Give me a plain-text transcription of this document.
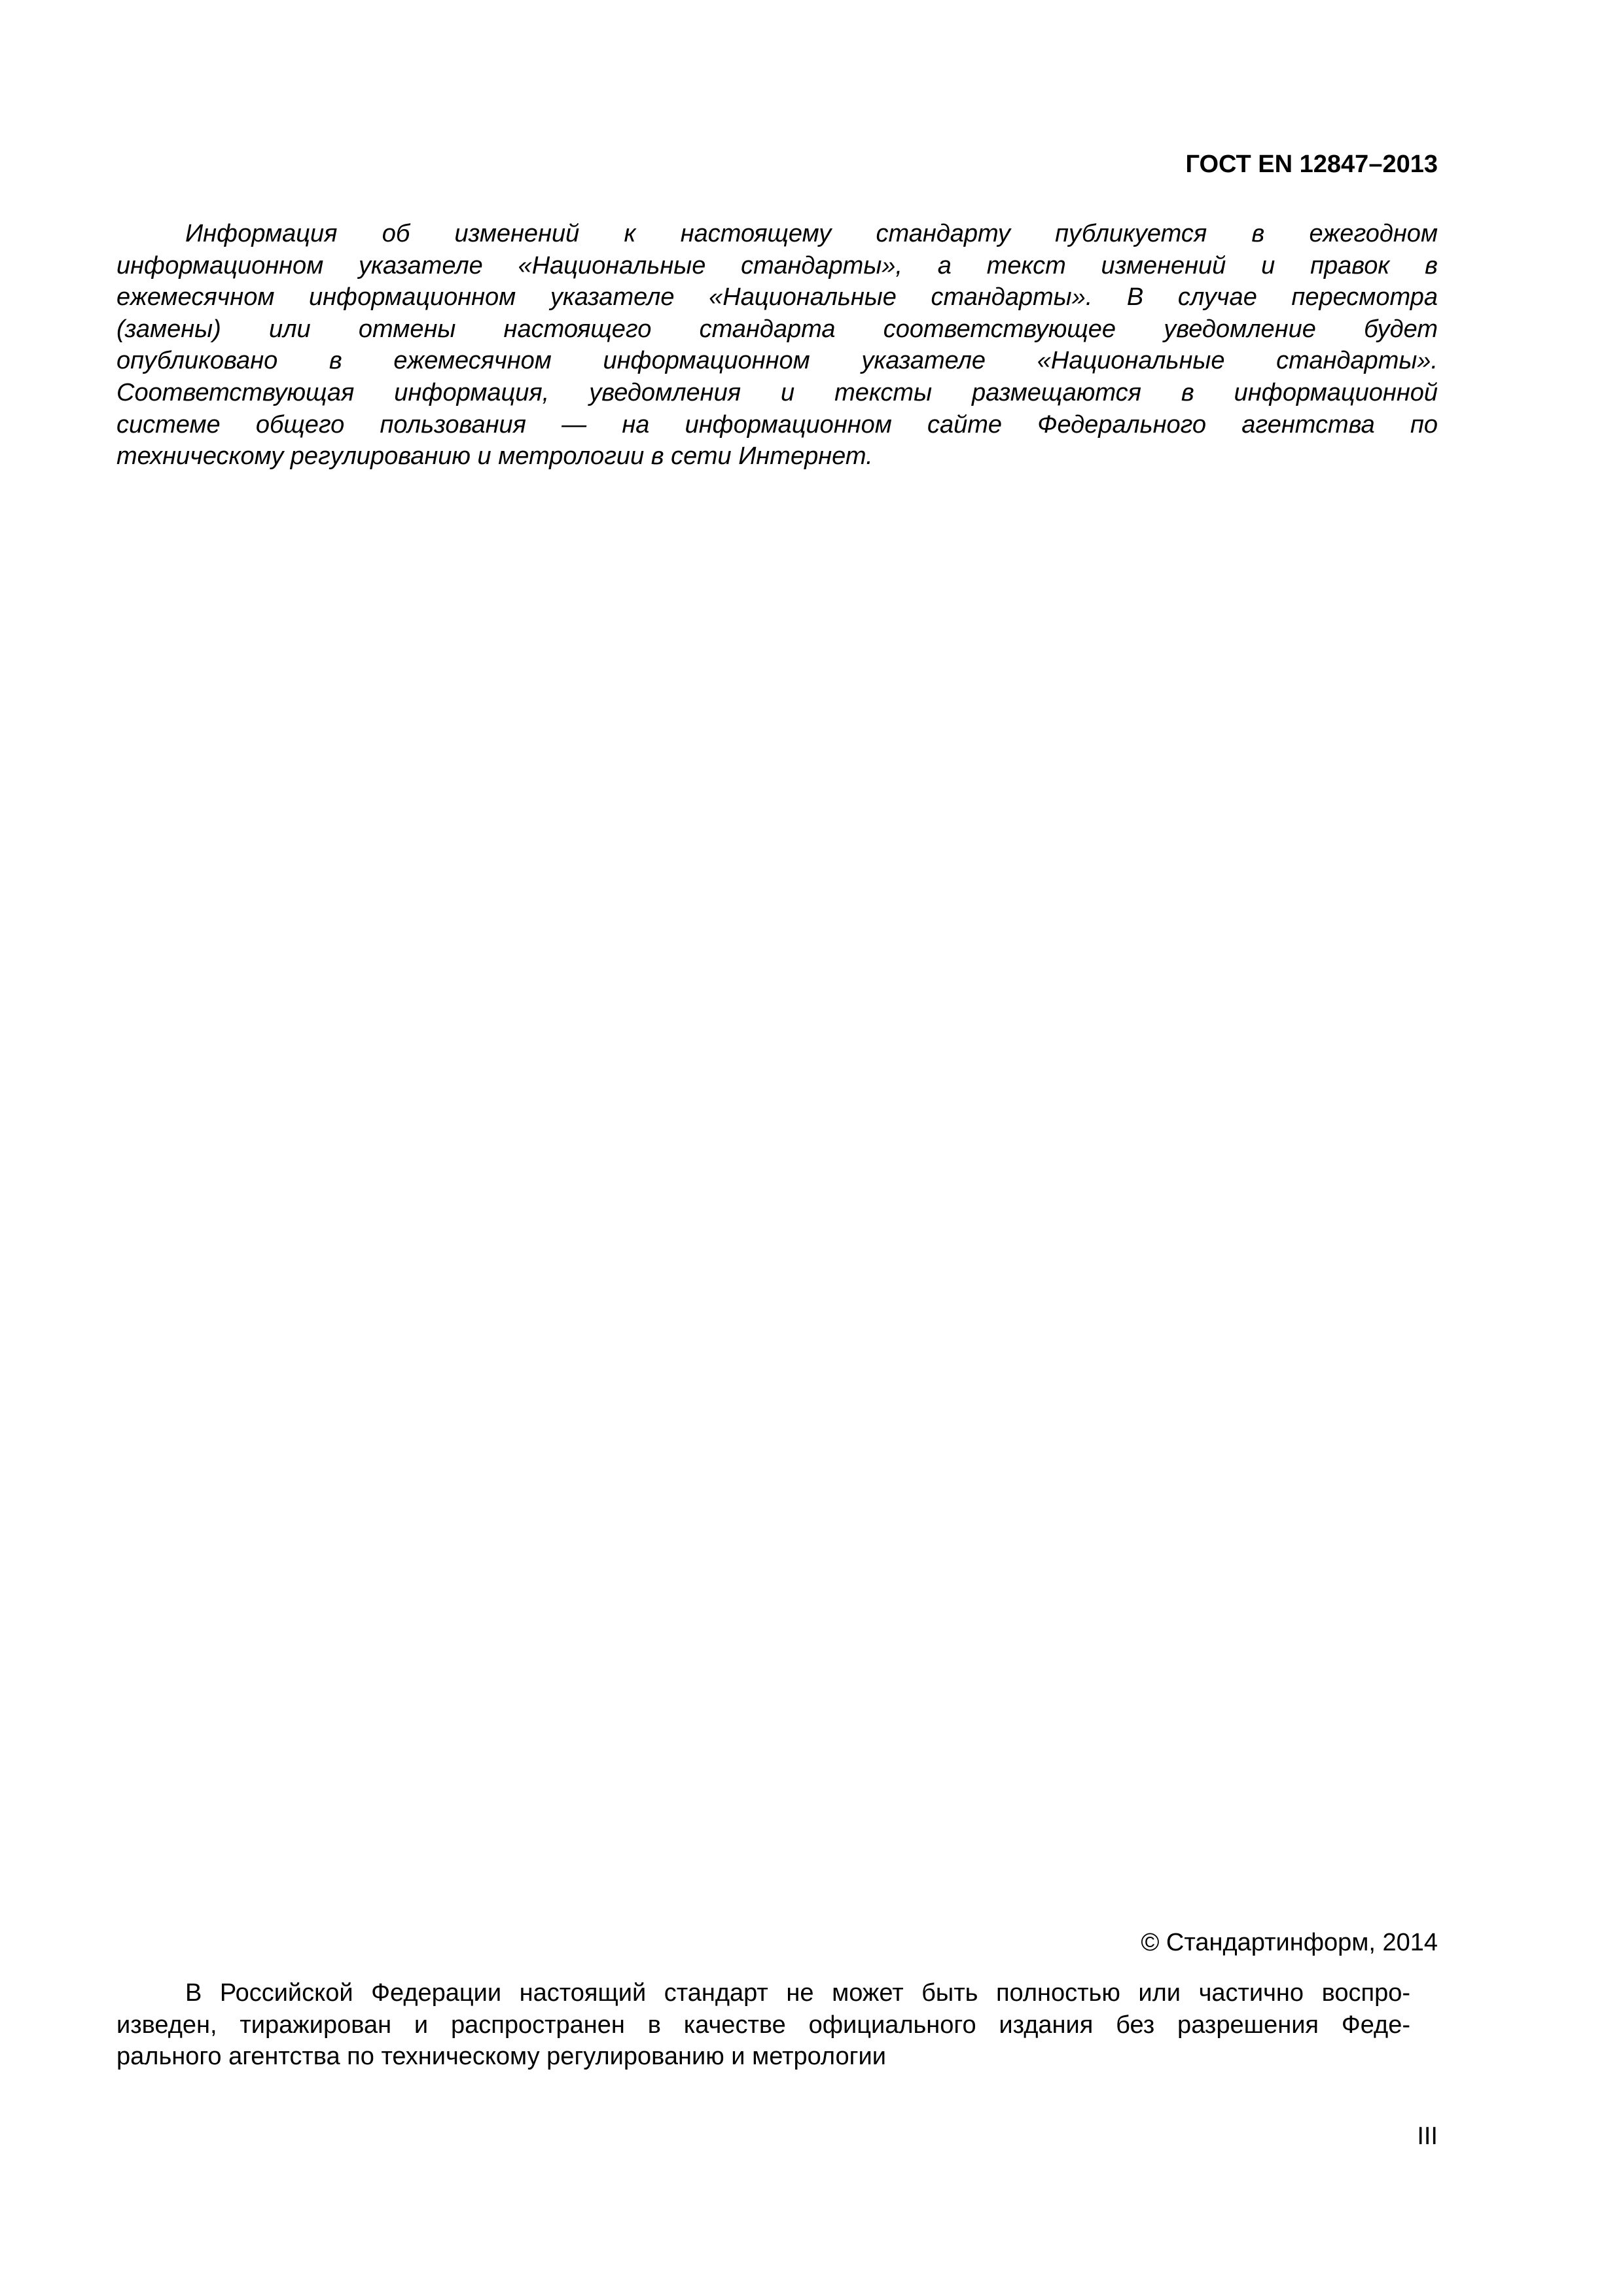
ГОСТ EN 12847–2013
Информация об изменений к настоящему стандарту публикуется в ежегодном
информационном указателе «Национальные стандарты», а текст изменений и правок в
ежемесячном информационном указателе «Национальные стандарты». В случае пересмотра
(замены) или отмены настоящего стандарта соответствующее уведомление будет
опубликовано в ежемесячном информационном указателе «Национальные стандарты».
Соответствующая информация, уведомления и тексты размещаются в информационной
системе общего пользования — на информационном сайте Федерального агентства по
техническому регулированию и метрологии в сети Интернет.
© Стандартинформ, 2014
В Российской Федерации настоящий стандарт не может быть полностью или частично воспро-
изведен, тиражирован и распространен в качестве официального издания без разрешения Феде-
рального агентства по техническому регулированию и метрологии
III
